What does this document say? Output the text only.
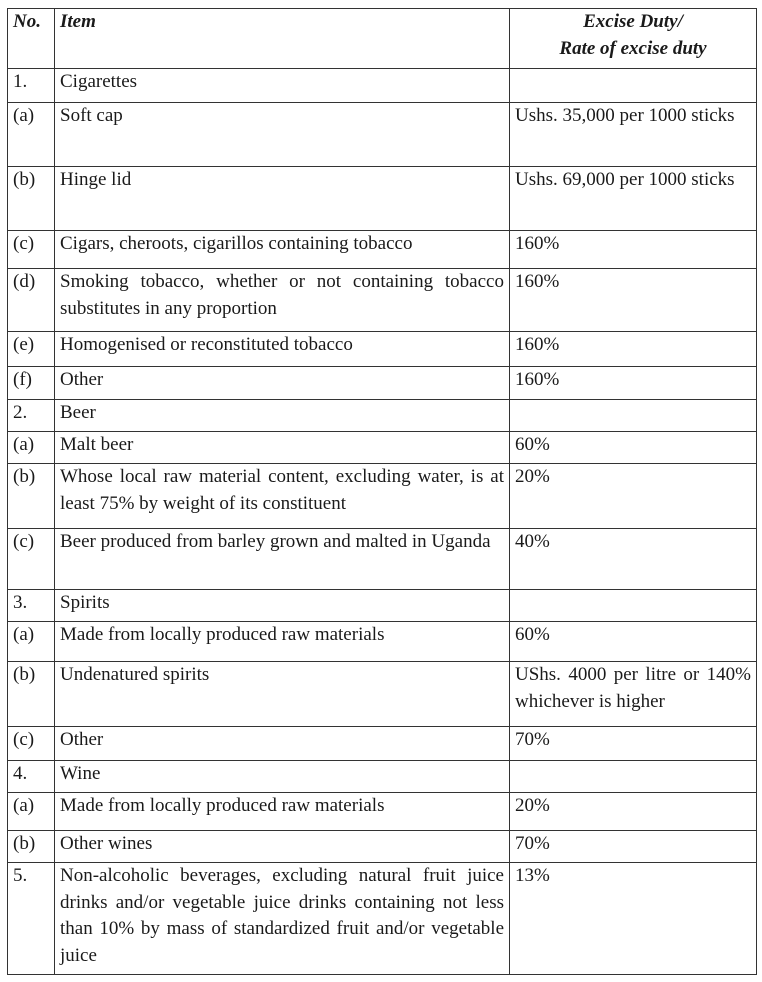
No.	Item	Excise Duty/
Rate of excise duty

1.	Cigarettes	
(a)	Soft cap	Ushs. 35,000 per 1000 sticks
(b)	Hinge lid	Ushs. 69,000 per 1000 sticks
(c)	Cigars, cheroots, cigarillos containing tobacco	160%
(d)	Smoking tobacco, whether or not containing tobacco substitutes in any proportion	160%
(e)	Homogenised or reconstituted tobacco	160%
(f)	Other	160%
2.	Beer	
(a)	Malt beer	60%
(b)	Whose local raw material content, excluding water, is at least 75% by weight of its constituent	20%
(c)	Beer produced from barley grown and malted in Uganda	40%
3.	Spirits	
(a)	Made from locally produced raw materials	60%
(b)	Undenatured spirits	UShs. 4000 per litre or 140% whichever is higher
(c)	Other	70%
4.	Wine	
(a)	Made from locally produced raw materials	20%
(b)	Other wines	70%
5.	Non-alcoholic beverages, excluding natural fruit juice drinks and/or vegetable juice drinks containing not less than 10% by mass of standardized fruit and/or vegetable juice	13%
